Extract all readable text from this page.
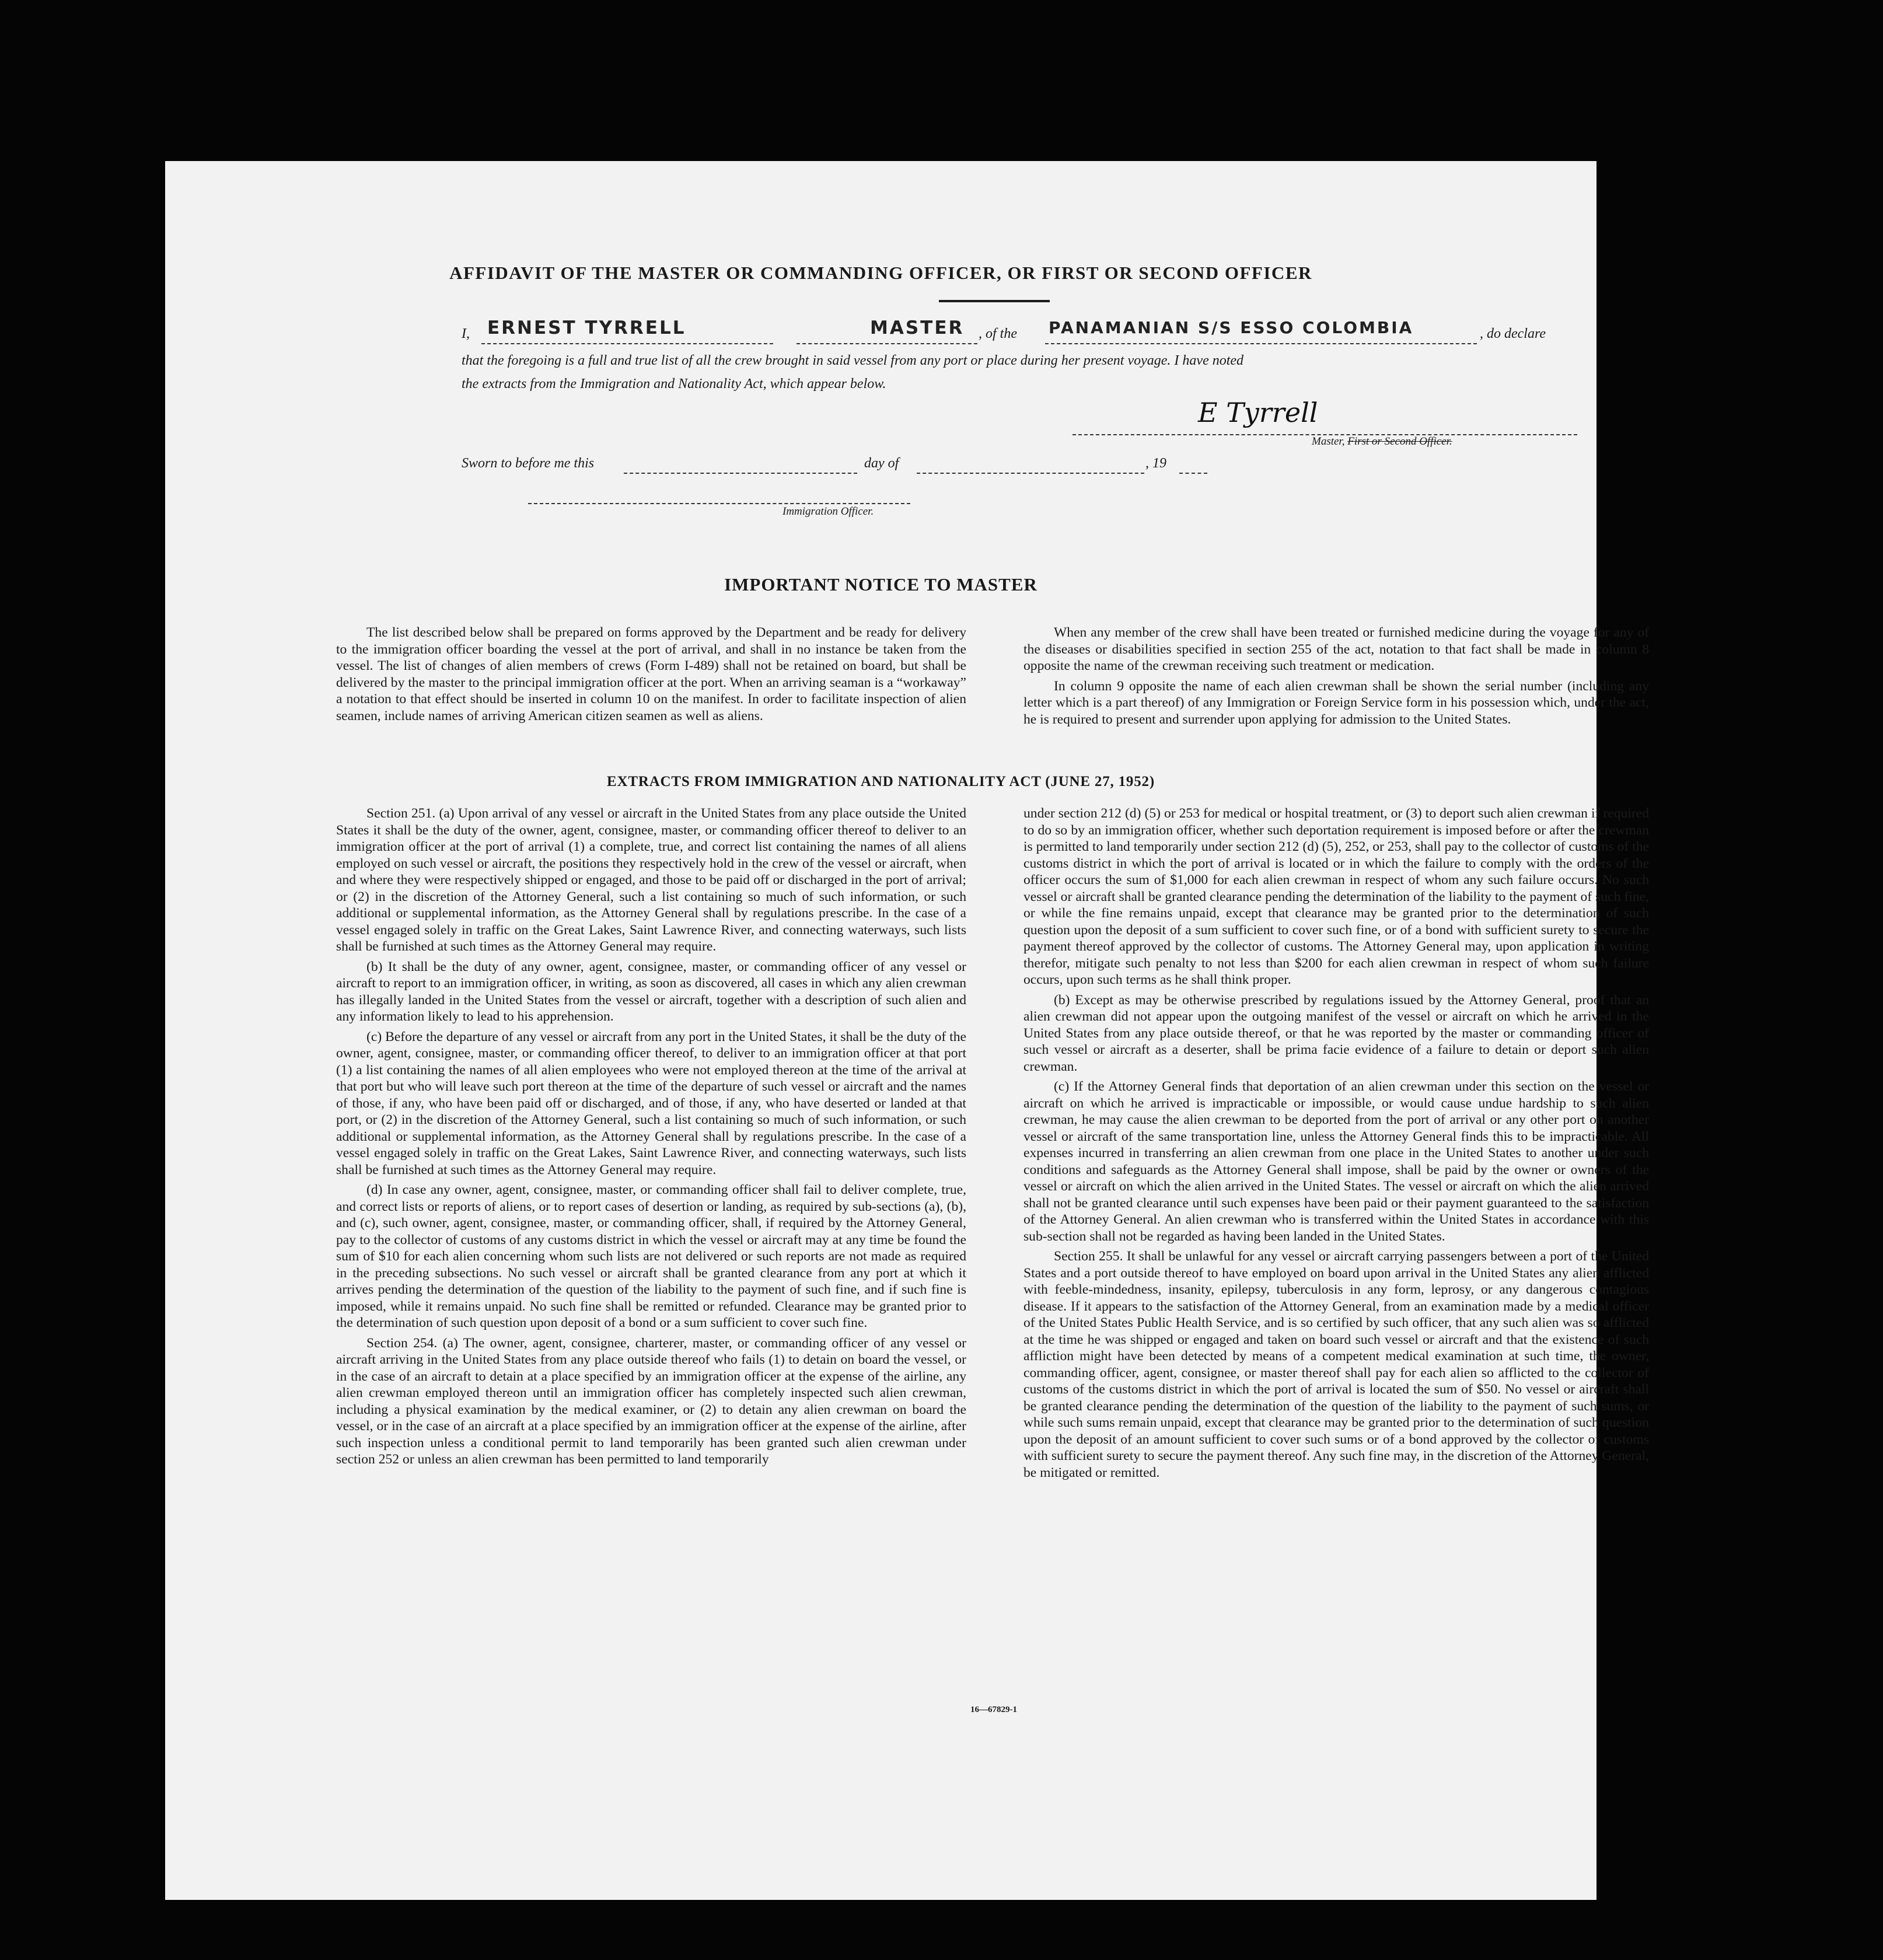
AFFIDAVIT OF THE MASTER OR COMMANDING OFFICER, OR FIRST OR SECOND OFFICER
I, ERNEST TYRRELL	MASTER , of the PANAMANIAN S/S ESSO COLOMBIA	, do declare
that the foregoing is a full and true list of all the crew brought in said vessel from any port or place during her present voyage. I have noted
the extracts from the Immigration and Nationality Act, which appear below.
E Tyrrell
Master, First or Second Officer.
Sworn to before me this	day of	, 19
Immigration Officer.
IMPORTANT NOTICE TO MASTER

The list described below shall be prepared on forms approved by the Department and be ready for delivery to the immigration officer boarding the vessel at the port of arrival, and shall in no instance be taken from the vessel. The list of changes of alien members of crews (Form I-489) shall not be retained on board, but shall be delivered by the master to the principal immigration officer at the port. When an arriving seaman is a “workaway” a notation to that effect should be inserted in column 10 on the manifest. In order to facilitate inspection of alien seamen, include names of arriving American citizen seamen as well as aliens.

When any member of the crew shall have been treated or furnished medicine during the voyage for any of the diseases or disabilities specified in section 255 of the act, notation to that fact shall be made in column 8 opposite the name of the crewman receiving such treatment or medication.

In column 9 opposite the name of each alien crewman shall be shown the serial number (including any letter which is a part thereof) of any Immigration or Foreign Service form in his possession which, under the act, he is required to present and surrender upon applying for admission to the United States.

EXTRACTS FROM IMMIGRATION AND NATIONALITY ACT (JUNE 27, 1952)

Section 251. (a) Upon arrival of any vessel or aircraft in the United States from any place outside the United States it shall be the duty of the owner, agent, consignee, master, or commanding officer thereof to deliver to an immigration officer at the port of arrival (1) a complete, true, and correct list containing the names of all aliens employed on such vessel or aircraft, the positions they respectively hold in the crew of the vessel or aircraft, when and where they were respectively shipped or engaged, and those to be paid off or discharged in the port of arrival; or (2) in the discretion of the Attorney General, such a list containing so much of such information, or such additional or supplemental information, as the Attorney General shall by regulations prescribe. In the case of a vessel engaged solely in traffic on the Great Lakes, Saint Lawrence River, and connecting waterways, such lists shall be furnished at such times as the Attorney General may require.

(b) It shall be the duty of any owner, agent, consignee, master, or commanding officer of any vessel or aircraft to report to an immigration officer, in writing, as soon as discovered, all cases in which any alien crewman has illegally landed in the United States from the vessel or aircraft, together with a description of such alien and any information likely to lead to his apprehension.

(c) Before the departure of any vessel or aircraft from any port in the United States, it shall be the duty of the owner, agent, consignee, master, or commanding officer thereof, to deliver to an immigration officer at that port (1) a list containing the names of all alien employees who were not employed thereon at the time of the arrival at that port but who will leave such port thereon at the time of the departure of such vessel or aircraft and the names of those, if any, who have been paid off or discharged, and of those, if any, who have deserted or landed at that port, or (2) in the discretion of the Attorney General, such a list containing so much of such information, or such additional or supplemental information, as the Attorney General shall by regulations prescribe. In the case of a vessel engaged solely in traffic on the Great Lakes, Saint Lawrence River, and connecting waterways, such lists shall be furnished at such times as the Attorney General may require.

(d) In case any owner, agent, consignee, master, or commanding officer shall fail to deliver complete, true, and correct lists or reports of aliens, or to report cases of desertion or landing, as required by sub-sections (a), (b), and (c), such owner, agent, consignee, master, or commanding officer, shall, if required by the Attorney General, pay to the collector of customs of any customs district in which the vessel or aircraft may at any time be found the sum of $10 for each alien concerning whom such lists are not delivered or such reports are not made as required in the preceding subsections. No such vessel or aircraft shall be granted clearance from any port at which it arrives pending the determination of the question of the liability to the payment of such fine, and if such fine is imposed, while it remains unpaid. No such fine shall be remitted or refunded. Clearance may be granted prior to the determination of such question upon deposit of a bond or a sum sufficient to cover such fine.

Section 254. (a) The owner, agent, consignee, charterer, master, or commanding officer of any vessel or aircraft arriving in the United States from any place outside thereof who fails (1) to detain on board the vessel, or in the case of an aircraft to detain at a place specified by an immigration officer at the expense of the airline, any alien crewman employed thereon until an immigration officer has completely inspected such alien crewman, including a physical examination by the medical examiner, or (2) to detain any alien crewman on board the vessel, or in the case of an aircraft at a place specified by an immigration officer at the expense of the airline, after such inspection unless a conditional permit to land temporarily has been granted such alien crewman under section 252 or unless an alien crewman has been permitted to land temporarily

under section 212 (d) (5) or 253 for medical or hospital treatment, or (3) to deport such alien crewman if required to do so by an immigration officer, whether such deportation requirement is imposed before or after the crewman is permitted to land temporarily under section 212 (d) (5), 252, or 253, shall pay to the collector of customs of the customs district in which the port of arrival is located or in which the failure to comply with the orders of the officer occurs the sum of $1,000 for each alien crewman in respect of whom any such failure occurs. No such vessel or aircraft shall be granted clearance pending the determination of the liability to the payment of such fine, or while the fine remains unpaid, except that clearance may be granted prior to the determination of such question upon the deposit of a sum sufficient to cover such fine, or of a bond with sufficient surety to secure the payment thereof approved by the collector of customs. The Attorney General may, upon application in writing therefor, mitigate such penalty to not less than $200 for each alien crewman in respect of whom such failure occurs, upon such terms as he shall think proper.

(b) Except as may be otherwise prescribed by regulations issued by the Attorney General, proof that an alien crewman did not appear upon the outgoing manifest of the vessel or aircraft on which he arrived in the United States from any place outside thereof, or that he was reported by the master or commanding officer of such vessel or aircraft as a deserter, shall be prima facie evidence of a failure to detain or deport such alien crewman.

(c) If the Attorney General finds that deportation of an alien crewman under this section on the vessel or aircraft on which he arrived is impracticable or impossible, or would cause undue hardship to such alien crewman, he may cause the alien crewman to be deported from the port of arrival or any other port on another vessel or aircraft of the same transportation line, unless the Attorney General finds this to be impracticable. All expenses incurred in transferring an alien crewman from one place in the United States to another under such conditions and safeguards as the Attorney General shall impose, shall be paid by the owner or owners of the vessel or aircraft on which the alien arrived in the United States. The vessel or aircraft on which the alien arrived shall not be granted clearance until such expenses have been paid or their payment guaranteed to the satisfaction of the Attorney General. An alien crewman who is transferred within the United States in accordance with this sub-section shall not be regarded as having been landed in the United States.

Section 255. It shall be unlawful for any vessel or aircraft carrying passengers between a port of the United States and a port outside thereof to have employed on board upon arrival in the United States any alien afflicted with feeble-mindedness, insanity, epilepsy, tuberculosis in any form, leprosy, or any dangerous contagious disease. If it appears to the satisfaction of the Attorney General, from an examination made by a medical officer of the United States Public Health Service, and is so certified by such officer, that any such alien was so afflicted at the time he was shipped or engaged and taken on board such vessel or aircraft and that the existence of such affliction might have been detected by means of a competent medical examination at such time, the owner, commanding officer, agent, consignee, or master thereof shall pay for each alien so afflicted to the collector of customs of the customs district in which the port of arrival is located the sum of $50. No vessel or aircraft shall be granted clearance pending the determination of the question of the liability to the payment of such sums, or while such sums remain unpaid, except that clearance may be granted prior to the determination of such question upon the deposit of an amount sufficient to cover such sums or of a bond approved by the collector of customs with sufficient surety to secure the payment thereof. Any such fine may, in the discretion of the Attorney General, be mitigated or remitted.

16—67829-1
